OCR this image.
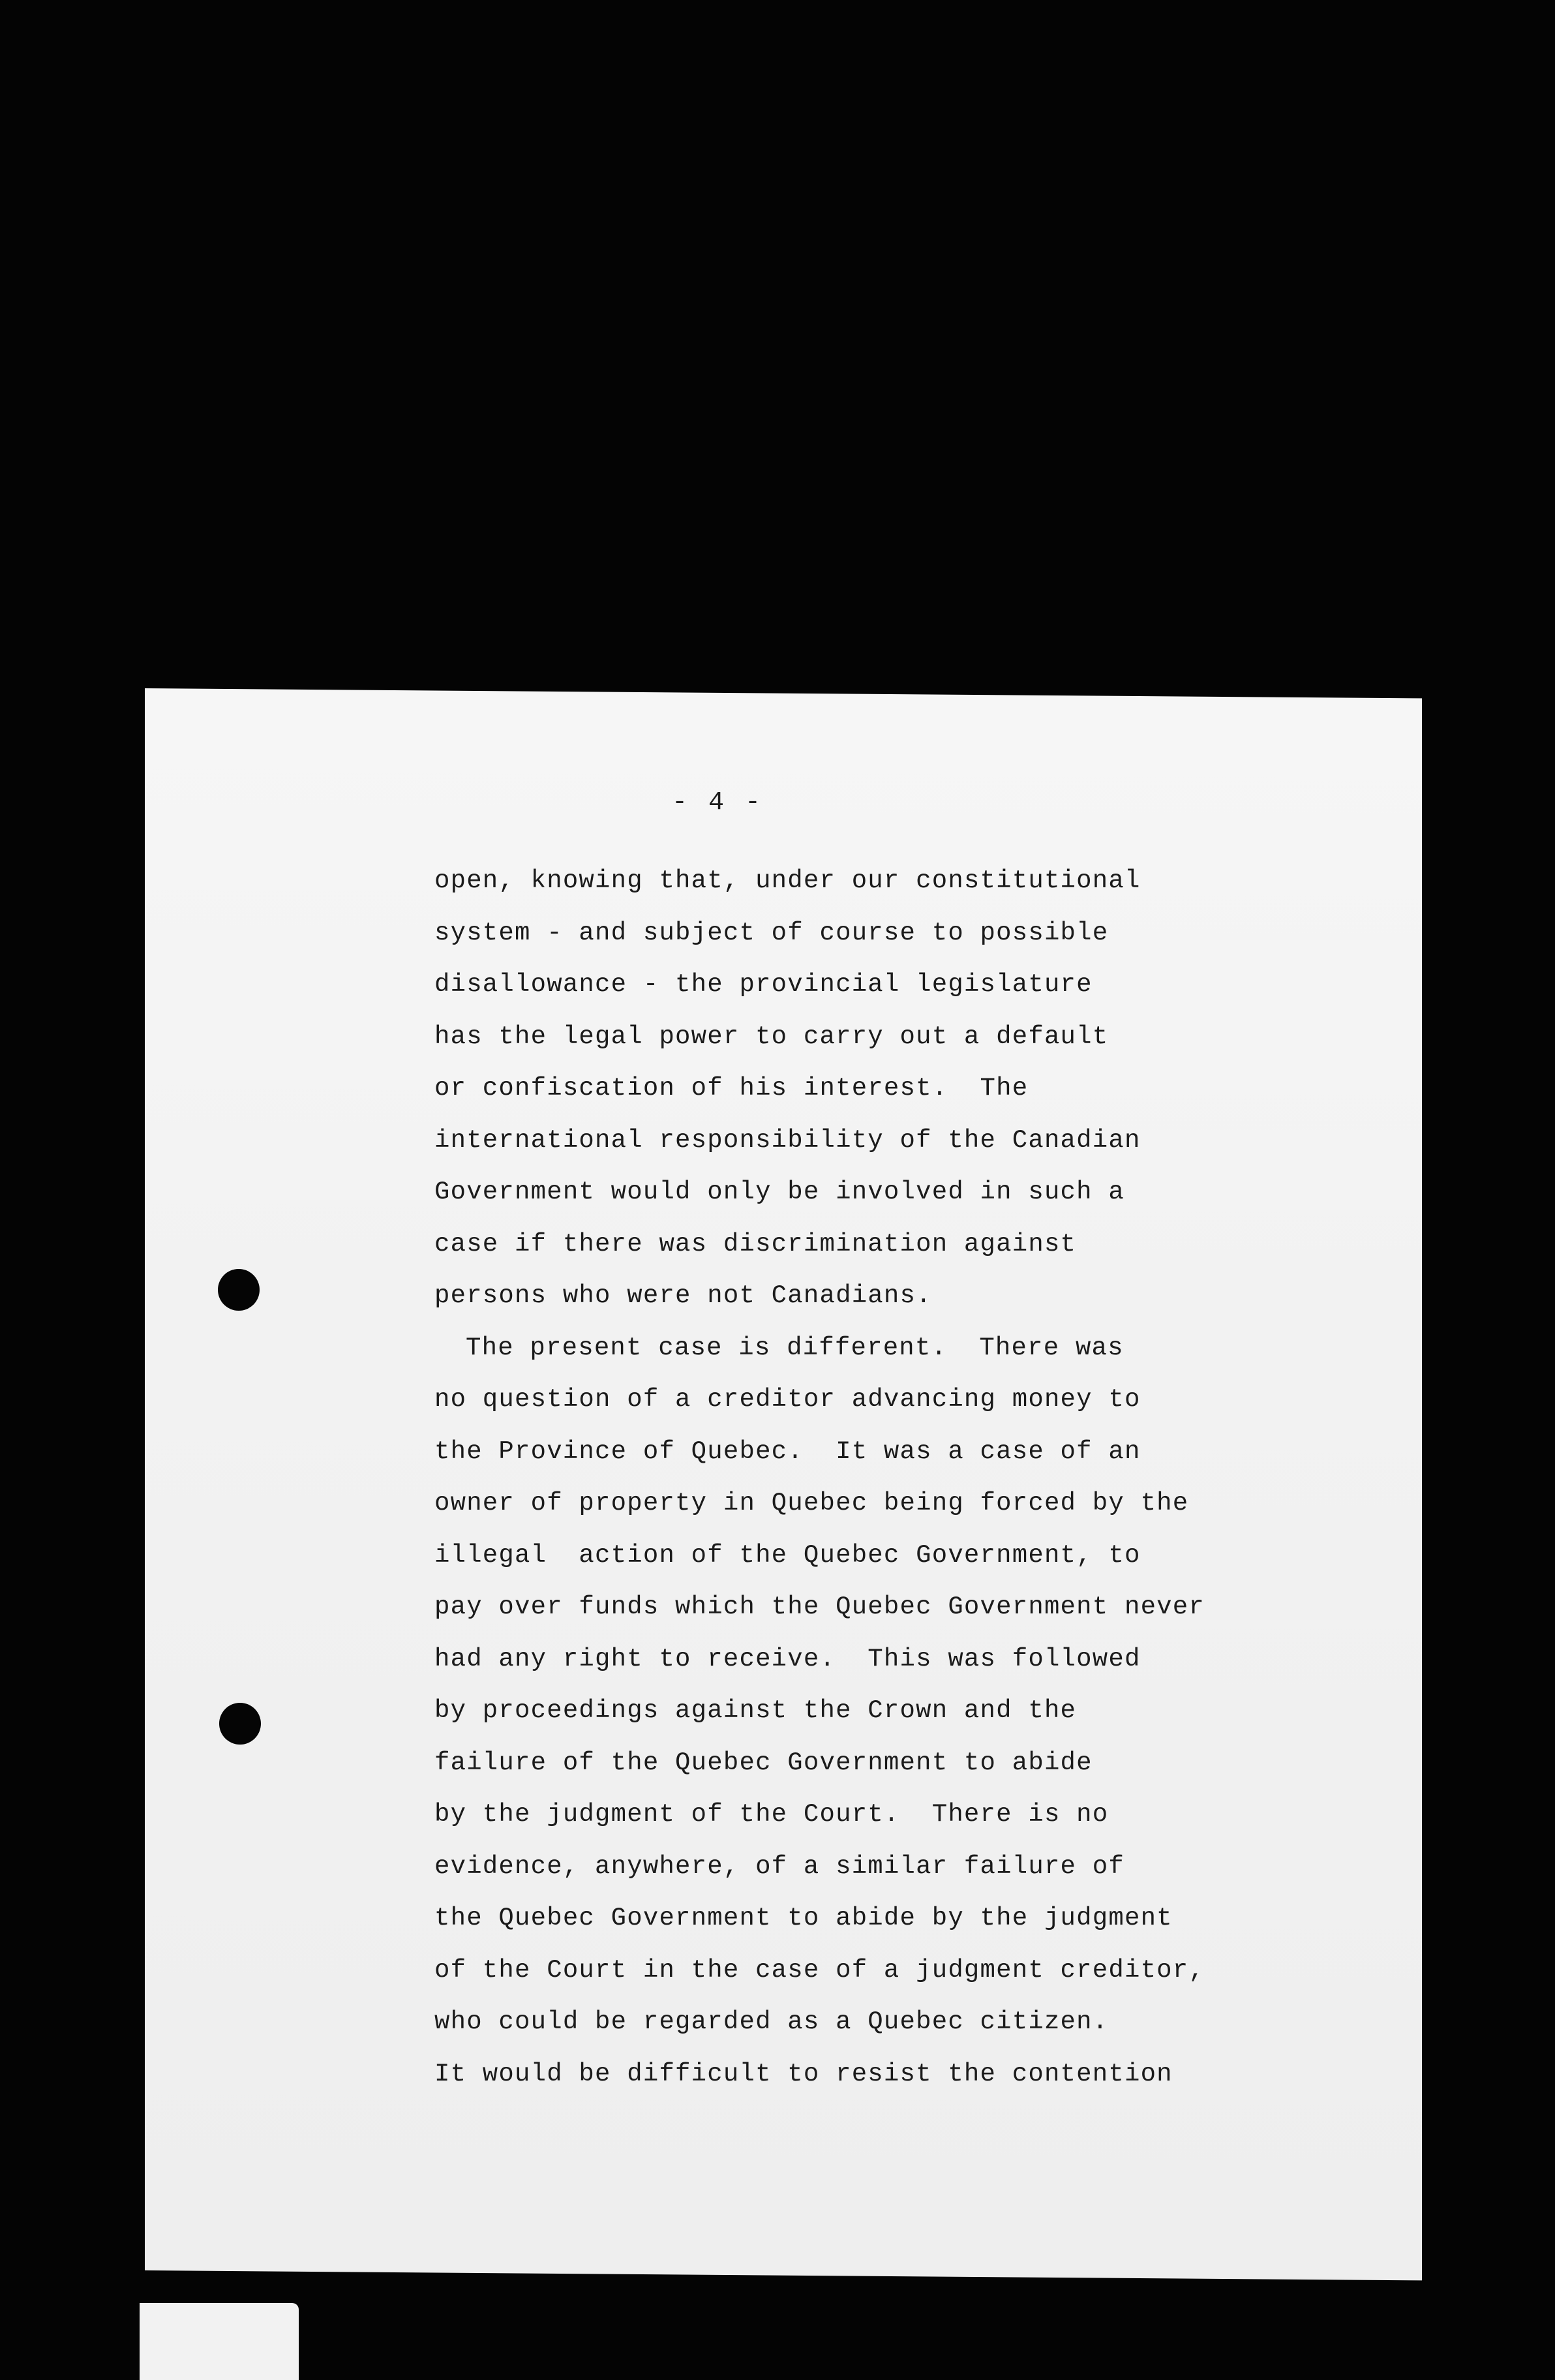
- 4 -
open, knowing that, under our constitutional
system - and subject of course to possible
disallowance - the provincial legislature
has the legal power to carry out a default
or confiscation of his interest.  The
international responsibility of the Canadian
Government would only be involved in such a
case if there was discrimination against
persons who were not Canadians.
The present case is different.  There was
no question of a creditor advancing money to
the Province of Quebec.  It was a case of an
owner of property in Quebec being forced by the
illegal  action of the Quebec Government, to
pay over funds which the Quebec Government never
had any right to receive.  This was followed
by proceedings against the Crown and the
failure of the Quebec Government to abide
by the judgment of the Court.  There is no
evidence, anywhere, of a similar failure of
the Quebec Government to abide by the judgment
of the Court in the case of a judgment creditor,
who could be regarded as a Quebec citizen.
It would be difficult to resist the contention
